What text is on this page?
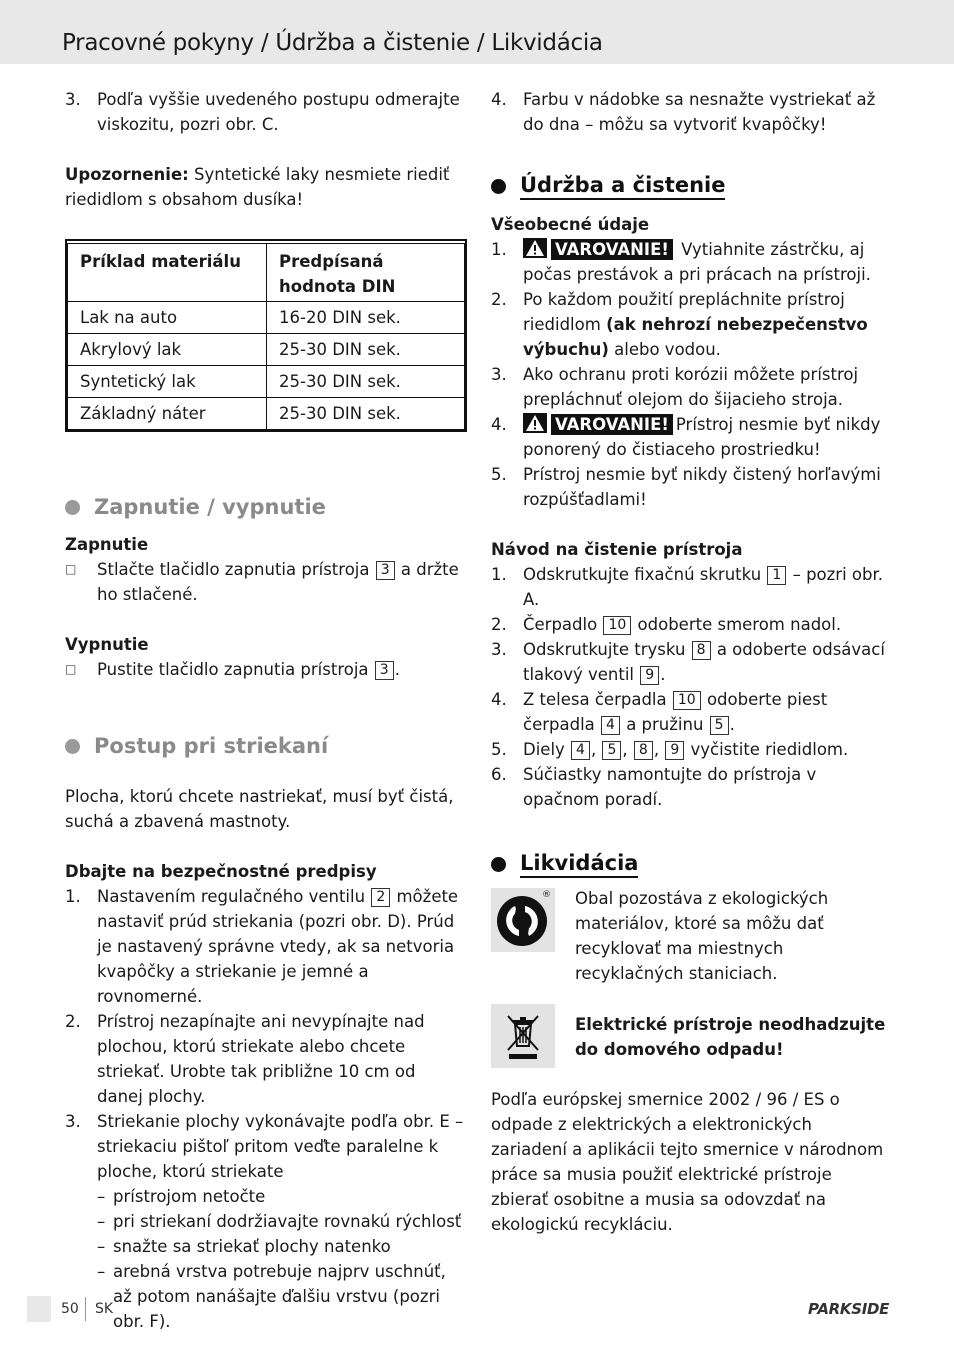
Pracovné pokyny / Údržba a čistenie / Likvidácia
3. Podľa vyššie uvedeného postupu odmerajte viskozitu, pozri obr. C.

Upozornenie: Syntetické laky nesmiete riediť riedidlom s obsahom dusíka!

Príklad materiálu	Predpísaná hodnota DIN
Lak na auto	16-20 DIN sek.
Akrylový lak	25-30 DIN sek.
Syntetický lak	25-30 DIN sek.
Základný náter	25-30 DIN sek.
Zapnutie / vypnutie
Zapnutie
□	Stlačte tlačidlo zapnutia prístroja 3 a držte ho stlačené.
Vypnutie
□	Pustite tlačidlo zapnutia prístroja 3 .
Postup pri striekaní

Plocha, ktorú chcete nastriekať, musí byť čistá, suchá a zbavená mastnoty.

Dbajte na bezpečnostné predpisy
1. Nastavením regulačného ventilu 2 môžete nastaviť prúd striekania (pozri obr. D). Prúd je nastavený správne vtedy, ak sa netvoria kvapôčky a striekanie je jemné a rovnomerné.
2. Prístroj nezapínajte ani nevypínajte nad plochou, ktorú striekate alebo chcete striekať. Urobte tak približne 10 cm od danej plochy.
3. Striekanie plochy vykonávajte podľa obr. E – striekaciu pištoľ pritom veďte paralelne k ploche, ktorú striekate
– prístrojom netočte
– pri striekaní dodržiavajte rovnakú rýchlosť
– snažte sa striekať plochy natenko
– arebná vrstva potrebuje najprv uschnúť, až potom nanášajte ďalšiu vrstvu (pozri obr. F).
4. Farbu v nádobke sa nesnažte vystriekať až do dna – môžu sa vytvoriť kvapôčky!
Údržba a čistenie
Všeobecné údaje
1.	VAROVANIE! Vytiahnite zástrčku, aj počas prestávok a pri prácach na prístroji.
2. Po každom použití prepláchnite prístroj riedidlom (ak nehrozí nebezpečenstvo výbuchu) alebo vodou.
3. Ako ochranu proti korózii môžete prístroj prepláchnuť olejom do šijacieho stroja.
4.	VAROVANIE! Prístroj nesmie byť nikdy ponorený do čistiaceho prostriedku!
5. Prístroj nesmie byť nikdy čistený horľavými rozpúšťadlami!
Návod na čistenie prístroja
1. Odskrutkujte fixačnú skrutku 1 – pozri obr. A.
2. Čerpadlo 10 odoberte smerom nadol.
3. Odskrutkujte trysku 8 a odoberte odsávací tlakový ventil 9 .
4. Z telesa čerpadla 10 odoberte piest čerpadla 4 a pružinu 5 .
5. Diely 4 , 5 , 8 , 9 vyčistite riedidlom.
6. Súčiastky namontujte do prístroja v opačnom poradí.
Likvidácia
® Obal pozostáva z ekologických materiálov, ktoré sa môžu dať recyklovať ma miestnych recyklačných staniciach.

Elektrické prístroje neodhadzujte do domového odpadu!

Podľa európskej smernice 2002 / 96 / ES o odpade z elektrických a elektronických zariadení a aplikácii tejto smernice v národnom práce sa musia použiť elektrické prístroje zbierať osobitne a musia sa odovzdať na ekologickú recykláciu.

50 SK	PARKSIDE
